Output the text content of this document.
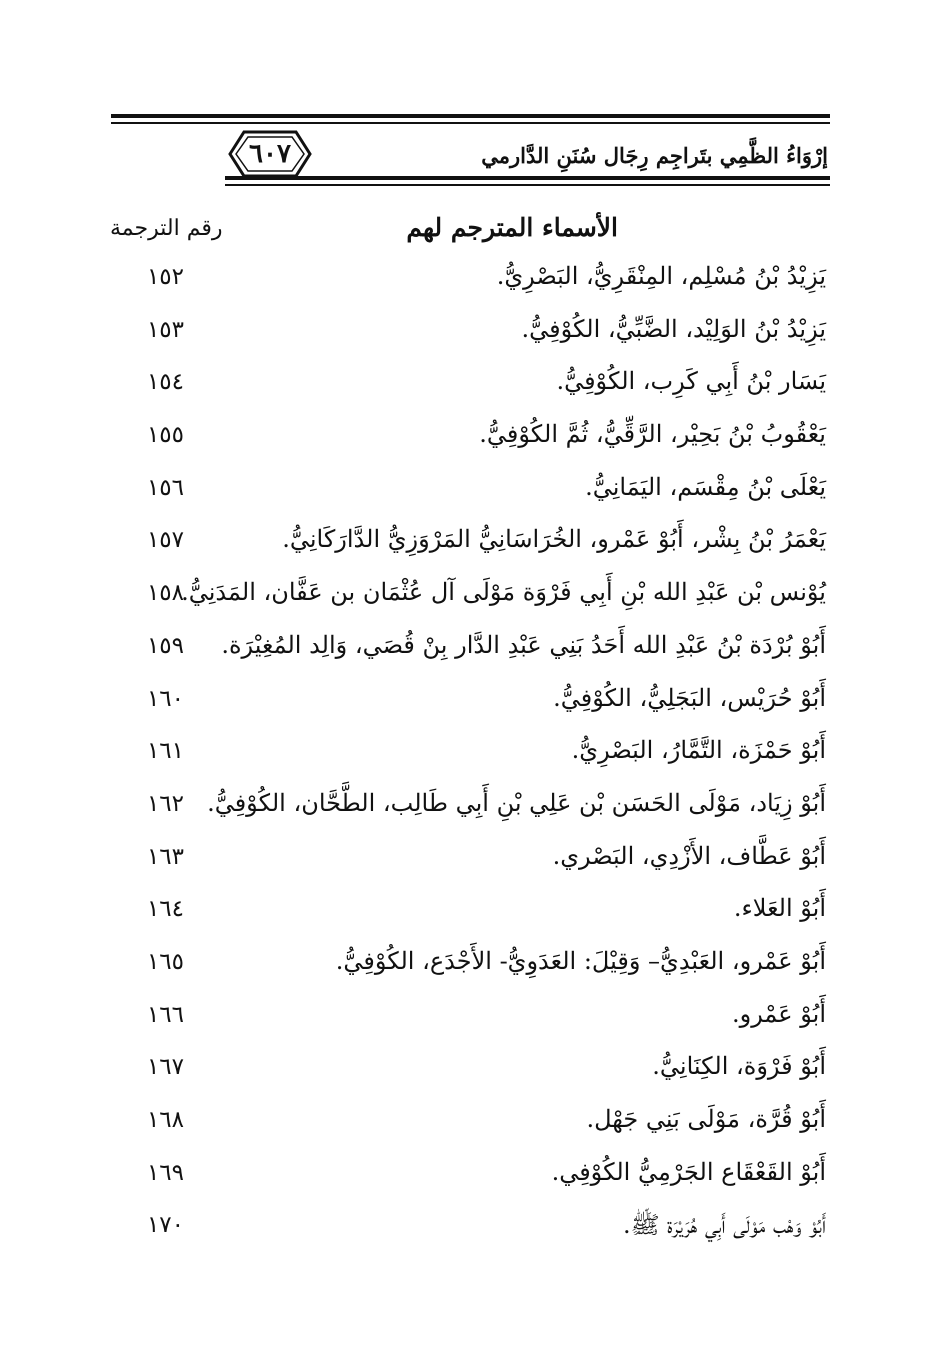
٦٠٧	إرْوَاءُ الظَّمِي بتَراجِم رِجَال سُنَنِ الدَّارمي
الأسماء المترجم لهم
رقم الترجمة
يَزِيْدُ بْنُ مُسْلِم، المِنْقَرِيُّ، البَصْرِيُّ.
١٥٢
يَزِيْدُ بْنُ الوَلِيْد، الضَّبِّيُّ، الكُوْفِيُّ.
١٥٣
يَسَار بْنُ أَبِي كَرِب، الكُوْفِيُّ.
١٥٤
يَعْقُوبُ بْنُ بَحِيْر، الرَّقِّيُّ، ثُمَّ الكُوْفِيُّ.
١٥٥
يَعْلَى بْنُ مِقْسَم، اليَمَانِيُّ.
١٥٦
يَعْمَرُ بْنُ بِشْر، أَبُوْ عَمْرو، الخُرَاسَانِيُّ المَرْوَزِيُّ الدَّارَكَانِيُّ.
١٥٧
يُوْنس بْن عَبْدِ الله بْنِ أَبِي فَرْوَة مَوْلَى آل عُثْمَان بن عَفَّان، المَدَنِيُّ.
١٥٨
أَبُوْ بُرْدَة بْنُ عَبْدِ الله أَحَدُ بَنِي عَبْدِ الدَّار بِنْ قُصَي، وَالِد المُغِيْرَة.
١٥٩
أَبُوْ حُرَيْس، البَجَلِيُّ، الكُوْفِيُّ.
١٦٠
أَبُوْ حَمْزَة، التَّمَّارُ، البَصْرِيُّ.
١٦١
أَبُوْ زِيَاد، مَوْلَى الحَسَن بْن عَلِي بْنِ أَبِي طَالِب، الطَّحَّان، الكُوْفِيُّ.
١٦٢
أَبُوْ عَطَّاف، الأَزْدِي، البَصْري.
١٦٣
أَبُوْ العَلاء.
١٦٤
أَبُوْ عَمْرو، العَبْدِيُّ– وَقِيْلَ: العَدَوِيُّ- الأَجْدَع، الكُوْفِيُّ.
١٦٥
أَبُوْ عَمْرو.
١٦٦
أَبُوْ فَرْوَة، الكِنَانِيُّ.
١٦٧
أَبُوْ قُرَّة، مَوْلَى بَنِي جَهْل.
١٦٨
أَبُوْ القَعْقَاع الجَرْمِيُّ الكُوْفِي.
١٦٩
أَبُوْ وَهْب مَوْلَى أَبِي هُرَيْرَة ﷺ.
١٧٠
